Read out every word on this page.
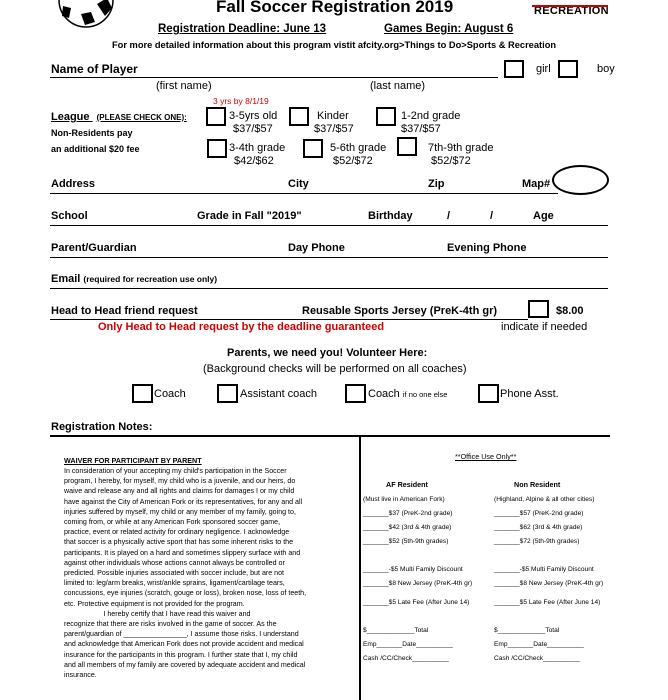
RECREATION
Fall Soccer Registration 2019
Registration Deadline: June 13	Games Begin: August 6
For more detailed information about this program vistit afcity.org>Things to Do>Sports & Recreation
Name of Player	girl	boy
(first name)	(last name)
3 yrs by 8/1/19
League (PLEASE CHECK ONE):
Non-Residents pay
an additional $20 fee
3-5yrs old
$37/$57
Kinder
$37/$57
1-2nd grade
$37/$57
3-4th grade
$42/$62
5-6th grade
$52/$72
7th-9th grade
$52/$72
Address	City	Zip	Map#
School	Grade in Fall "2019"	Birthday	/	/	Age
Parent/Guardian	Day Phone	Evening Phone
Email (required for recreation use only)
Head to Head friend request	Reusable Sports Jersey (PreK-4th gr)	$8.00
Only Head to Head request by the deadline guaranteed	indicate if needed
Parents, we need you! Volunteer Here:
(Background checks will be performed on all coaches)
Coach	Assistant coach	Coach if no one else	Phone Asst.
Registration Notes:
WAIVER FOR PARTICIPANT BY PARENT
In consideration of your accepting my child's participation in the Soccer
program, I hereby, for myself, my child who is a juvenile, and our heirs, do
waive and release any and all rights and claims for damages I or my child
have against the City of American Fork or its representatives, for any and all
injuries suffered by myself, my child or any member of my family, going to,
coming from, or while at any American Fork sponsored soccer game,
practice, event or related activity for ordinary negligence. I acknowledge
that soccer is a physically active sport that has some inherent risks to the
participants. It is played on a hard and sometimes slippery surface with and
against other individuals whose actions cannot always be controlled or
predicted. Possible injuries associated with soccer include, but are not
limited to: leg/arm breaks, wrist/ankle sprains, ligament/cartilage tears,
concussions, eye injuries (scratch, gouge or loss), broken nose, loss of teeth,
etc. Protective equipment is not provided for the program.
I hereby certify that I have read this waiver and
recognize that there are risks involved in the game of soccer. As the
parent/guardian of ________________, I assume those risks. I understand
and acknowledge that American Fork does not provide accident and medical
insurance for the participants in this program. I further state that I, my child
and all members of my family are covered by adequate accident and medical
insurance.
**Office Use Only**
AF Resident
(Must live in American Fork)
_______$37 (PreK-2nd grade)
_______$42 (3rd & 4th grade)
_______$52 (5th-9th grades)
_______-$5 Multi Family Discount
_______$8 New Jersey (PreK-4th gr)
_______$5 Late Fee (After June 14)
$_____________Total
Emp_______Date__________
Cash /CC/Check__________
Non Resident
(Highland, Alpine & all other cities)
_______$57 (PreK-2nd grade)
_______$62 (3rd & 4th grade)
_______$72 (5th-9th grades)
_______-$5 Multi Family Discount
_______$8 New Jersey (PreK-4th gr)
_______$5 Late Fee (After June 14)
$_____________Total
Emp_______Date__________
Cash /CC/Check__________
